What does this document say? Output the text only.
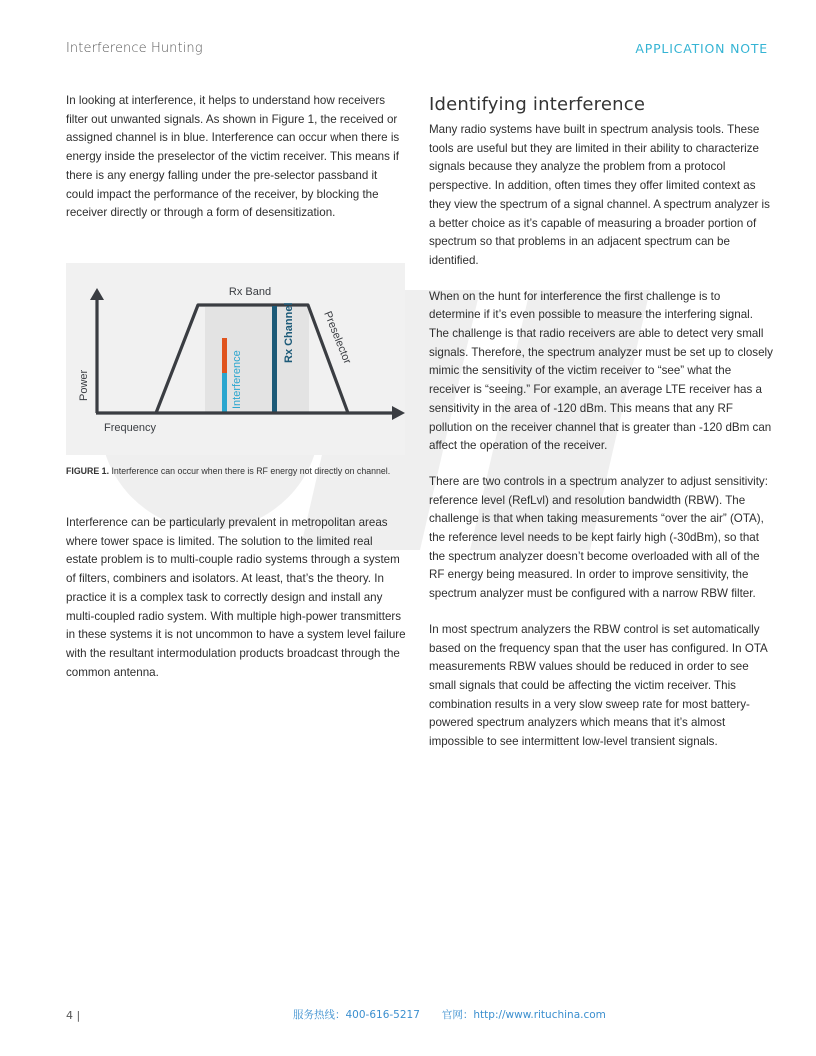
Interference Hunting	APPLICATION NOTE

In looking at interference, it helps to understand how receivers filter out unwanted signals. As shown in Figure 1, the received or assigned channel is in blue. Interference can occur when there is energy inside the preselector of the victim receiver. This means if there is any energy falling under the pre-selector passband it could impact the performance of the receiver, by blocking the receiver directly or through a form of desensitization.

Rx Band
Power
Frequency
Interference
Rx Channel Preselector
FIGURE 1. Interference can occur when there is RF energy not directly on channel.

Interference can be particularly prevalent in metropolitan areas where tower space is limited. The solution to the limited real estate problem is to multi-couple radio systems through a system of filters, combiners and isolators. At least, that’s the theory. In practice it is a complex task to correctly design and install any multi-coupled radio system. With multiple high-power transmitters in these systems it is not uncommon to have a system level failure with the resultant intermodulation products broadcast through the common antenna.

Identifying interference

Many radio systems have built in spectrum analysis tools. These tools are useful but they are limited in their ability to characterize signals because they analyze the problem from a protocol perspective. In addition, often times they offer limited context as they view the spectrum of a signal channel. A spectrum analyzer is a better choice as it’s capable of measuring a broader portion of spectrum so that problems in an adjacent spectrum can be identified.

When on the hunt for interference the first challenge is to determine if it’s even possible to measure the interfering signal. The challenge is that radio receivers are able to detect very small signals. Therefore, the spectrum analyzer must be set up to closely mimic the sensitivity of the victim receiver to “see” what the receiver is “seeing.” For example, an average LTE receiver has a sensitivity in the area of -120 dBm. This means that any RF pollution on the receiver channel that is greater than -120 dBm can affect the operation of the receiver.

There are two controls in a spectrum analyzer to adjust sensitivity: reference level (RefLvl) and resolution bandwidth (RBW). The challenge is that when taking measurements “over the air” (OTA), the reference level needs to be kept fairly high (-30dBm), so that the spectrum analyzer doesn’t become overloaded with all of the RF energy being measured. In order to improve sensitivity, the spectrum analyzer must be configured with a narrow RBW filter.

In most spectrum analyzers the RBW control is set automatically based on the frequency span that the user has configured. In OTA measurements RBW values should be reduced in order to see small signals that could be affecting the victim receiver. This combination results in a very slow sweep rate for most battery-powered spectrum analyzers which means that it’s almost impossible to see intermittent low-level transient signals.

4 |	服务热线：400-616-5217 官网：http://www.rituchina.com
